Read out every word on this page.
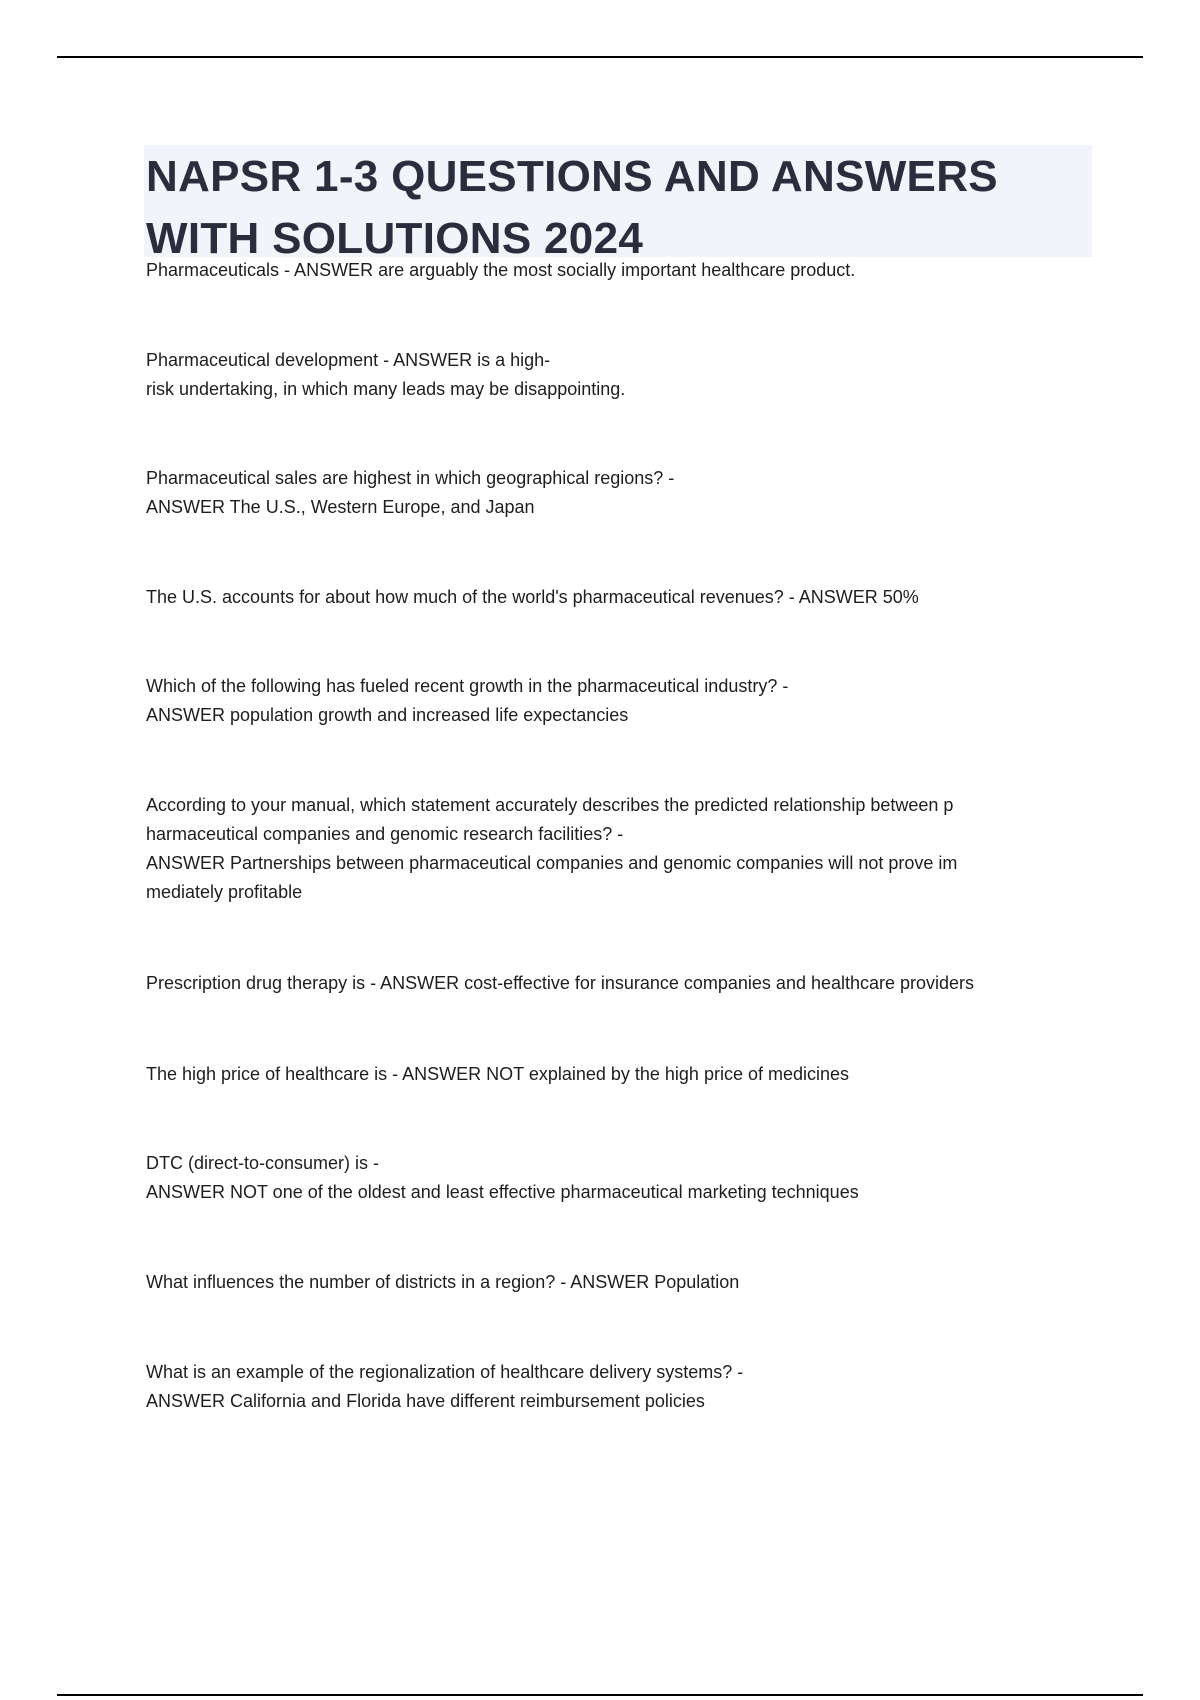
NAPSR 1-3 QUESTIONS AND ANSWERS WITH SOLUTIONS 2024

Pharmaceuticals - ANSWER are arguably the most socially important healthcare product.

Pharmaceutical development - ANSWER is a high-
risk undertaking, in which many leads may be disappointing.

Pharmaceutical sales are highest in which geographical regions? -
ANSWER The U.S., Western Europe, and Japan

The U.S. accounts for about how much of the world's pharmaceutical revenues? - ANSWER 50%

Which of the following has fueled recent growth in the pharmaceutical industry? -
ANSWER population growth and increased life expectancies

According to your manual, which statement accurately describes the predicted relationship between p
harmaceutical companies and genomic research facilities? -
ANSWER Partnerships between pharmaceutical companies and genomic companies will not prove im
mediately profitable

Prescription drug therapy is - ANSWER cost-effective for insurance companies and healthcare providers

The high price of healthcare is - ANSWER NOT explained by the high price of medicines

DTC (direct-to-consumer) is -
ANSWER NOT one of the oldest and least effective pharmaceutical marketing techniques

What influences the number of districts in a region? - ANSWER Population

What is an example of the regionalization of healthcare delivery systems? -
ANSWER California and Florida have different reimbursement policies
